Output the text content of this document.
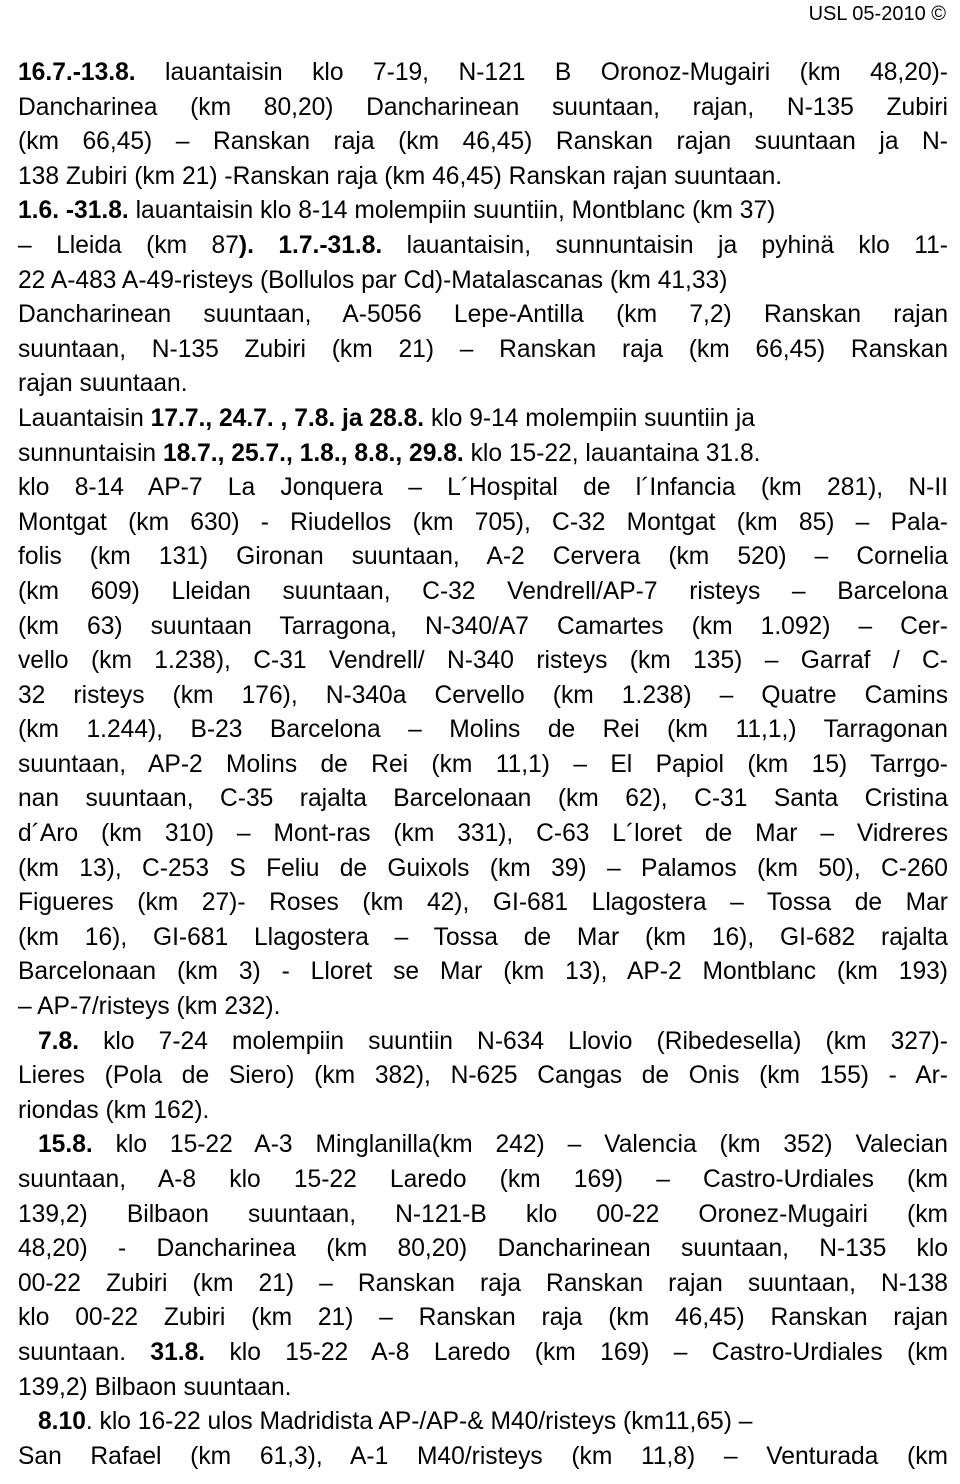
USL 05-2010 ©
16.7.-13.8. lauantaisin klo 7-19, N-121 B Oronoz-Mugairi (km 48,20)-
Dancharinea (km 80,20) Dancharinean suuntaan, rajan, N-135 Zubiri
(km 66,45) – Ranskan raja (km 46,45) Ranskan rajan suuntaan ja N-
138 Zubiri (km 21) -Ranskan raja (km 46,45) Ranskan rajan suuntaan.
1.6. -31.8. lauantaisin klo 8-14 molempiin suuntiin, Montblanc (km 37)
– Lleida (km 87). 1.7.-31.8. lauantaisin, sunnuntaisin ja pyhinä klo 11-
22 A-483 A-49-risteys (Bollulos par Cd)-Matalascanas (km 41,33)
Dancharinean suuntaan, A-5056 Lepe-Antilla (km 7,2) Ranskan rajan
suuntaan, N-135 Zubiri (km 21) – Ranskan raja (km 66,45) Ranskan
rajan suuntaan.
Lauantaisin 17.7., 24.7. , 7.8. ja 28.8. klo 9-14 molempiin suuntiin ja
sunnuntaisin 18.7., 25.7., 1.8., 8.8., 29.8. klo 15-22, lauantaina 31.8.
klo 8-14 AP-7 La Jonquera – L´Hospital de l´Infancia (km 281), N-II
Montgat (km 630) - Riudellos (km 705), C-32 Montgat (km 85) – Pala-
folis (km 131) Gironan suuntaan, A-2 Cervera (km 520) – Cornelia
(km 609) Lleidan suuntaan, C-32 Vendrell/AP-7 risteys – Barcelona
(km 63) suuntaan Tarragona, N-340/A7 Camartes (km 1.092) – Cer-
vello (km 1.238), C-31 Vendrell/ N-340 risteys (km 135) – Garraf / C-
32 risteys (km 176), N-340a Cervello (km 1.238) – Quatre Camins
(km 1.244), B-23 Barcelona – Molins de Rei (km 11,1,) Tarragonan
suuntaan, AP-2 Molins de Rei (km 11,1) – El Papiol (km 15) Tarrgo-
nan suuntaan, C-35 rajalta Barcelonaan (km 62), C-31 Santa Cristina
d´Aro (km 310) – Mont-ras (km 331), C-63 L´loret de Mar – Vidreres
(km 13), C-253 S Feliu de Guixols (km 39) – Palamos (km 50), C-260
Figueres (km 27)- Roses (km 42), GI-681 Llagostera – Tossa de Mar
(km 16), GI-681 Llagostera – Tossa de Mar (km 16), GI-682 rajalta
Barcelonaan (km 3) - Lloret se Mar (km 13), AP-2 Montblanc (km 193)
– AP-7/risteys (km 232).
7.8. klo 7-24 molempiin suuntiin N-634 Llovio (Ribedesella) (km 327)-
Lieres (Pola de Siero) (km 382), N-625 Cangas de Onis (km 155) - Ar-
riondas (km 162).
15.8. klo 15-22 A-3 Minglanilla(km 242) – Valencia (km 352) Valecian
suuntaan, A-8 klo 15-22 Laredo (km 169) – Castro-Urdiales (km
139,2) Bilbaon suuntaan, N-121-B klo 00-22 Oronez-Mugairi (km
48,20) - Dancharinea (km 80,20) Dancharinean suuntaan, N-135 klo
00-22 Zubiri (km 21) – Ranskan raja Ranskan rajan suuntaan, N-138
klo 00-22 Zubiri (km 21) – Ranskan raja (km 46,45) Ranskan rajan
suuntaan. 31.8. klo 15-22 A-8 Laredo (km 169) – Castro-Urdiales (km
139,2) Bilbaon suuntaan.
8.10. klo 16-22 ulos Madridista AP-/AP-& M40/risteys (km11,65) –
San Rafael (km 61,3), A-1 M40/risteys (km 11,8) – Venturada (km
